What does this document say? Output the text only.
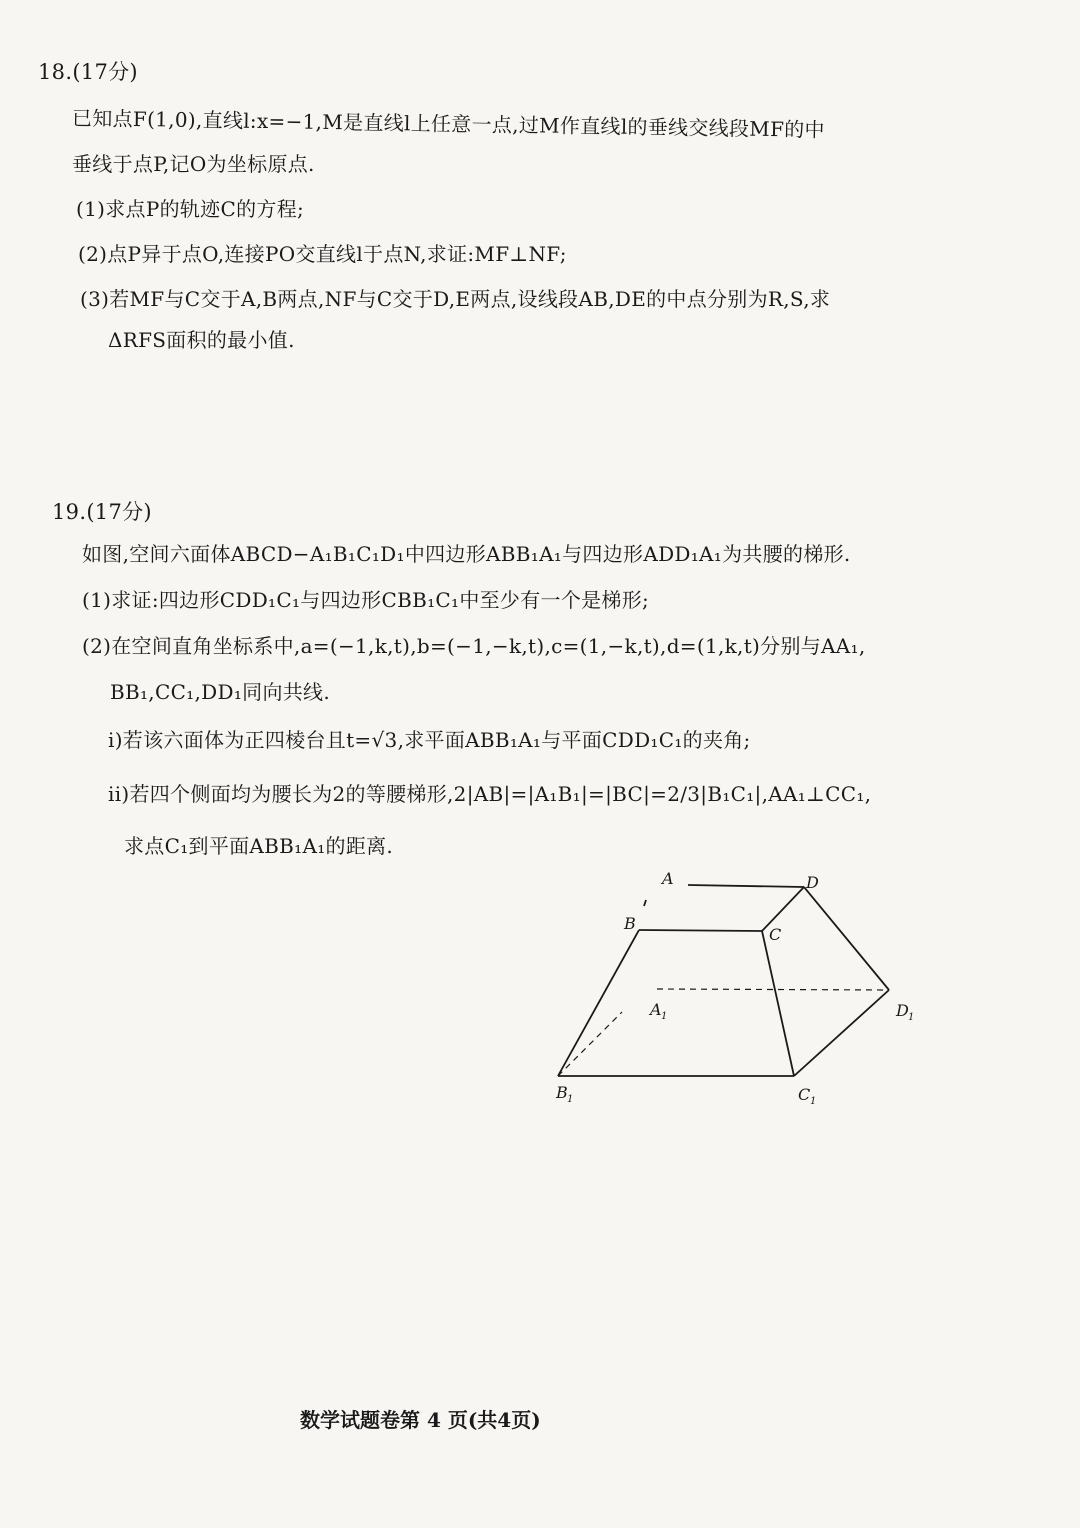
18.(17分)
已知点F(1,0),直线l:x=−1,M是直线l上任意一点,过M作直线l的垂线交线段MF的中
垂线于点P,记O为坐标原点.
(1)求点P的轨迹C的方程;
(2)点P异于点O,连接PO交直线l于点N,求证:MF⊥NF;
(3)若MF与C交于A,B两点,NF与C交于D,E两点,设线段AB,DE的中点分别为R,S,求
ΔRFS面积的最小值.
19.(17分)
如图,空间六面体ABCD−A₁B₁C₁D₁中四边形ABB₁A₁与四边形ADD₁A₁为共腰的梯形.
(1)求证:四边形CDD₁C₁与四边形CBB₁C₁中至少有一个是梯形;
(2)在空间直角坐标系中,a=(−1,k,t),b=(−1,−k,t),c=(1,−k,t),d=(1,k,t)分别与AA₁,
BB₁,CC₁,DD₁同向共线.
i)若该六面体为正四棱台且t=√3,求平面ABB₁A₁与平面CDD₁C₁的夹角;
ii)若四个侧面均为腰长为2的等腰梯形,2|AB|=|A₁B₁|=|BC|=2/3|B₁C₁|,AA₁⊥CC₁,
求点C₁到平面ABB₁A₁的距离.
A	D
B
C
A 1	D 1
B 1	C 1
数学试题卷第 4 页(共4页)
